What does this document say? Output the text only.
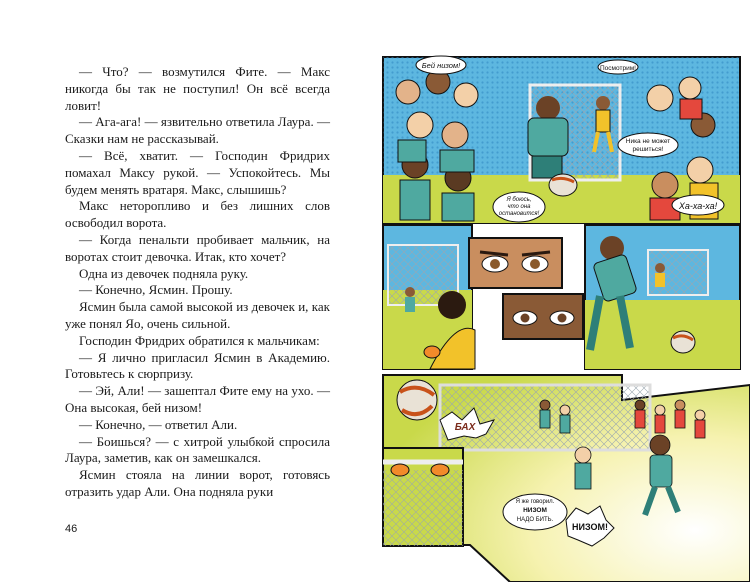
— Что? — возмутился Фите. — Макс никогда бы так не поступил! Он всё всегда ловит!

— Ага-ага! — язвительно ответила Лаура. — Сказки нам не рассказывай.

— Всё, хватит. — Господин Фридрих помахал Максу рукой. — Успокойтесь. Мы будем менять вратаря. Макс, слышишь?

Макс неторопливо и без лишних слов освободил ворота.

— Когда пенальти пробивает мальчик, на воротах стоит девочка. Итак, кто хочет?

Одна из девочек подняла руку.

— Конечно, Ясмин. Прошу.

Ясмин была самой высокой из девочек и, как уже понял Яо, очень сильной.

Господин Фридрих обратился к мальчикам:

— Я лично пригласил Ясмин в Академию. Готовьтесь к сюрпризу.

— Эй, Али! — зашептал Фите ему на ухо. — Она высокая, бей низом!

— Конечно, — ответил Али.

— Боишься? — с хитрой улыбкой спросила Лаура, заметив, как он замешкался.

Ясмин стояла на линии ворот, готовясь отразить удар Али. Она подняла руки

46
Бей низом!	Посмотрим!
Ника не может
решиться!
Я боюсь,
что она
остановится!
Ха-ха-ха!
БАХ
Я же говорил.
НИЗОМ
НАДО БИТЬ.
НИЗОМ!
